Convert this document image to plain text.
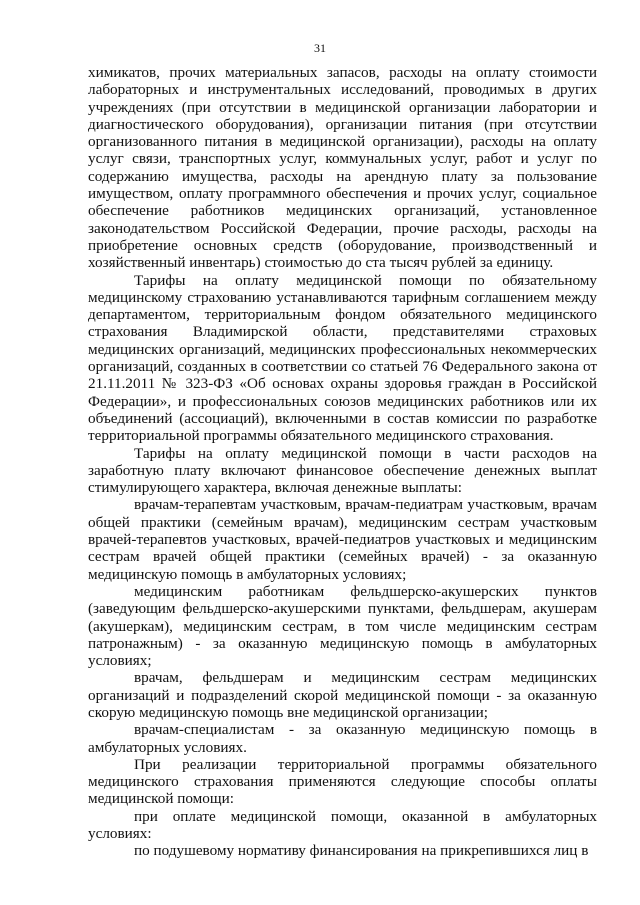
31

химикатов, прочих материальных запасов, расходы на оплату стоимости лабораторных и инструментальных исследований, проводимых в других учреждениях (при отсутствии в медицинской организации лаборатории и диагностического оборудования), организации питания (при отсутствии организованного питания в медицинской организации), расходы на оплату услуг связи, транспортных услуг, коммунальных услуг, работ и услуг по содержанию имущества, расходы на арендную плату за пользование имуществом, оплату программного обеспечения и прочих услуг, социальное обеспечение работников медицинских организаций, установленное законодательством Российской Федерации, прочие расходы, расходы на приобретение основных средств (оборудование, производственный и хозяйственный инвентарь) стоимостью до ста тысяч рублей за единицу.

Тарифы на оплату медицинской помощи по обязательному медицинскому страхованию устанавливаются тарифным соглашением между департаментом, территориальным фондом обязательного медицинского страхования Владимирской области, представителями страховых медицинских организаций, медицинских профессиональных некоммерческих организаций, созданных в соответствии со статьей 76 Федерального закона от 21.11.2011 № 323-ФЗ «Об основах охраны здоровья граждан в Российской Федерации», и профессиональных союзов медицинских работников или их объединений (ассоциаций), включенными в состав комиссии по разработке территориальной программы обязательного медицинского страхования.

Тарифы на оплату медицинской помощи в части расходов на заработную плату включают финансовое обеспечение денежных выплат стимулирующего характера, включая денежные выплаты:

врачам-терапевтам участковым, врачам-педиатрам участковым, врачам общей практики (семейным врачам), медицинским сестрам участковым врачей-терапевтов участковых, врачей-педиатров участковых и медицинским сестрам врачей общей практики (семейных врачей) - за оказанную медицинскую помощь в амбулаторных условиях;

медицинским работникам фельдшерско-акушерских пунктов (заведующим фельдшерско-акушерскими пунктами, фельдшерам, акушерам (акушеркам), медицинским сестрам, в том числе медицинским сестрам патронажным) - за оказанную медицинскую помощь в амбулаторных условиях;

врачам, фельдшерам и медицинским сестрам медицинских организаций и подразделений скорой медицинской помощи - за оказанную скорую медицинскую помощь вне медицинской организации;

врачам-специалистам - за оказанную медицинскую помощь в амбулаторных условиях.

При реализации территориальной программы обязательного медицинского страхования применяются следующие способы оплаты медицинской помощи:

при оплате медицинской помощи, оказанной в амбулаторных условиях:

по подушевому нормативу финансирования на прикрепившихся лиц в
